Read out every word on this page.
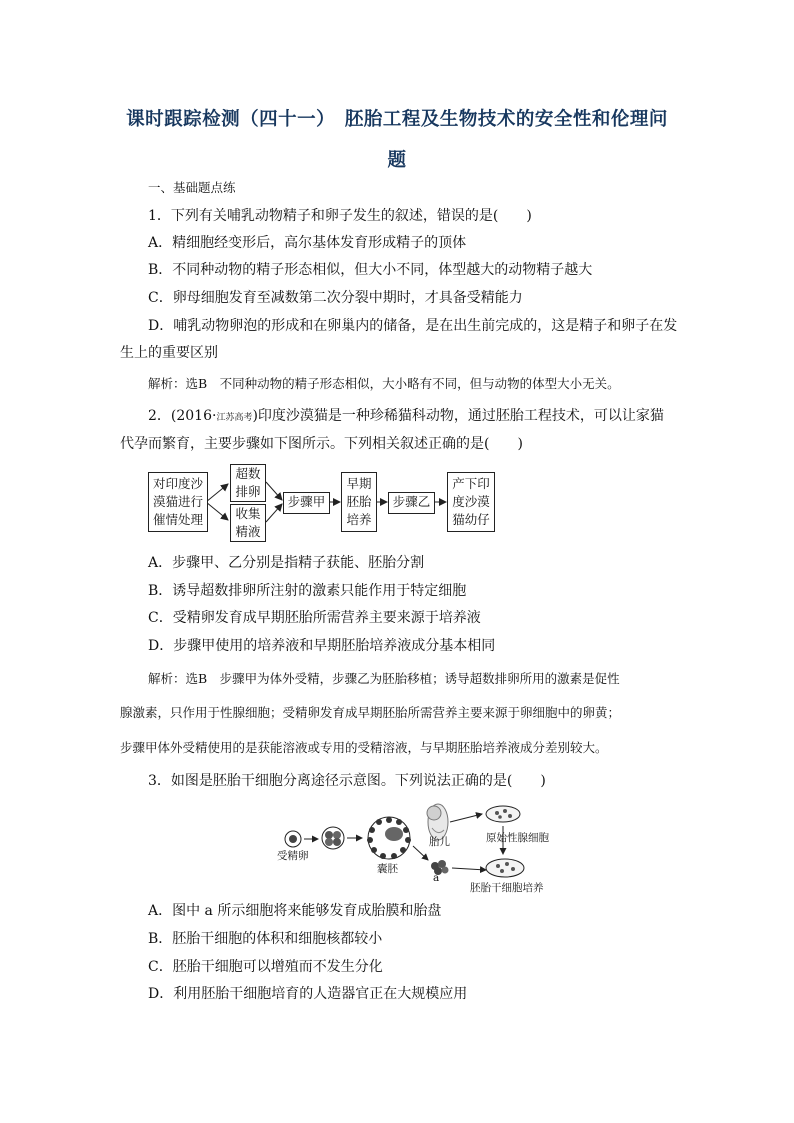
课时跟踪检测（四十一）　胚胎工程及生物技术的安全性和伦理问
题
一、基础题点练
1．下列有关哺乳动物精子和卵子发生的叙述，错误的是(　　)
A．精细胞经变形后，高尔基体发育形成精子的顶体
B．不同种动物的精子形态相似，但大小不同，体型越大的动物精子越大
C．卵母细胞发育至减数第二次分裂中期时，才具备受精能力
D．哺乳动物卵泡的形成和在卵巢内的储备，是在出生前完成的，这是精子和卵子在发
生上的重要区别
解析：选B　不同种动物的精子形态相似，大小略有不同，但与动物的体型大小无关。
2．(2016·江苏高考)印度沙漠猫是一种珍稀猫科动物，通过胚胎工程技术，可以让家猫
代孕而繁育，主要步骤如下图所示。下列相关叙述正确的是(　　)
对印度沙
漠猫进行
催情处理
超数
排卵
收集
精液
步骤甲
早期
胚胎
培养
步骤乙
产下印
度沙漠
猫幼仔
A．步骤甲、乙分别是指精子获能、胚胎分割
B．诱导超数排卵所注射的激素只能作用于特定细胞
C．受精卵发育成早期胚胎所需营养主要来源于培养液
D．步骤甲使用的培养液和早期胚胎培养液成分基本相同
解析：选B　步骤甲为体外受精，步骤乙为胚胎移植；诱导超数排卵所用的激素是促性
腺激素，只作用于性腺细胞；受精卵发育成早期胚胎所需营养主要来源于卵细胞中的卵黄；
步骤甲体外受精使用的是获能溶液或专用的受精溶液，与早期胚胎培养液成分差别较大。
3．如图是胚胎干细胞分离途径示意图。下列说法正确的是(　　)
受精卵
囊胚
胎儿
a
原始性腺细胞
胚胎干细胞培养
A．图中 a 所示细胞将来能够发育成胎膜和胎盘
B．胚胎干细胞的体积和细胞核都较小
C．胚胎干细胞可以增殖而不发生分化
D．利用胚胎干细胞培育的人造器官正在大规模应用
